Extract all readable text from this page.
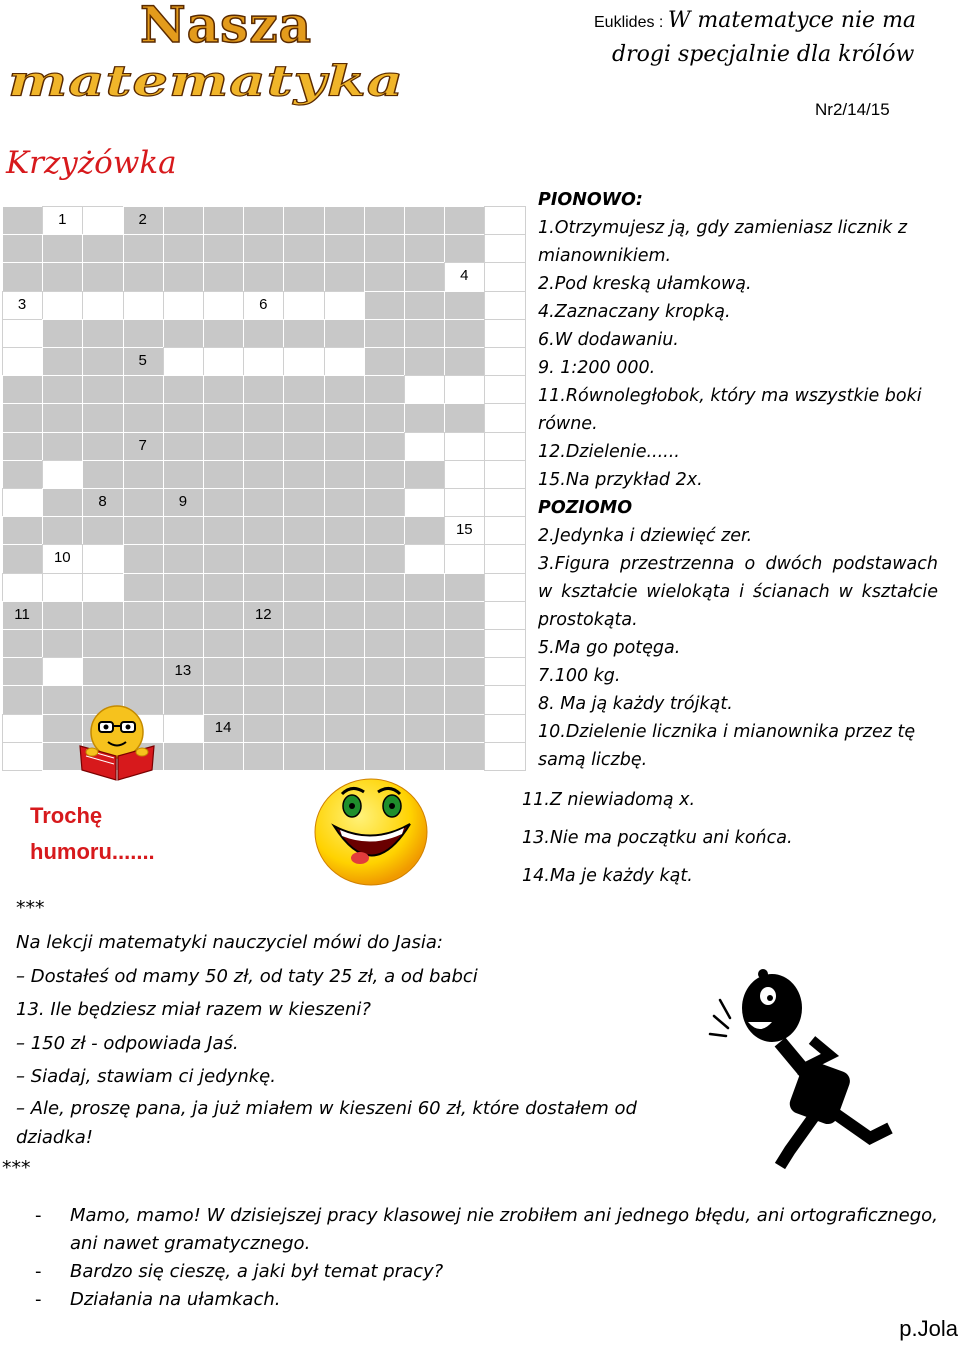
Nasza
matematyka
Euklides : W matematyce nie ma
drogi specjalnie dla królów
Nr2/14/15
Krzyżówka
1	2
3
4
5
6
7
8	9
10
11	12
13
14
15
PIONOWO:
1.Otrzymujesz ją, gdy zamieniasz licznik z mianownikiem.
2.Pod kreską ułamkową.
4.Zaznaczany kropką.
6.W dodawaniu.
9. 1:200 000.
11.Równoległobok, który ma wszystkie boki równe.
12.Dzielenie......
15.Na przykład 2x.
POZIOMO
2.Jedynka i dziewięć zer.
3.Figura przestrzenna o dwóch podstawach w kształcie wielokąta i ścianach w kształcie prostokąta.
5.Ma go potęga.
7.100 kg.
8. Ma ją każdy trójkąt.
10.Dzielenie licznika i mianownika przez tę samą liczbę.
11.Z niewiadomą x.
13.Nie ma początku ani końca.
14.Ma je każdy kąt.
Trochę
humoru.......
***
Na lekcji matematyki nauczyciel mówi do Jasia:
– Dostałeś od mamy 50 zł, od taty 25 zł, a od babci
13. Ile będziesz miał razem w kieszeni?
– 150 zł - odpowiada Jaś.
– Siadaj, stawiam ci jedynkę.
– Ale, proszę pana, ja już miałem w kieszeni 60 zł, które dostałem od dziadka!
***
- Mamo, mamo! W dzisiejszej pracy klasowej nie zrobiłem ani jednego błędu, ani ortograficznego, ani nawet gramatycznego.
- Bardzo się cieszę, a jaki był temat pracy?
- Działania na ułamkach.
p.Jola
